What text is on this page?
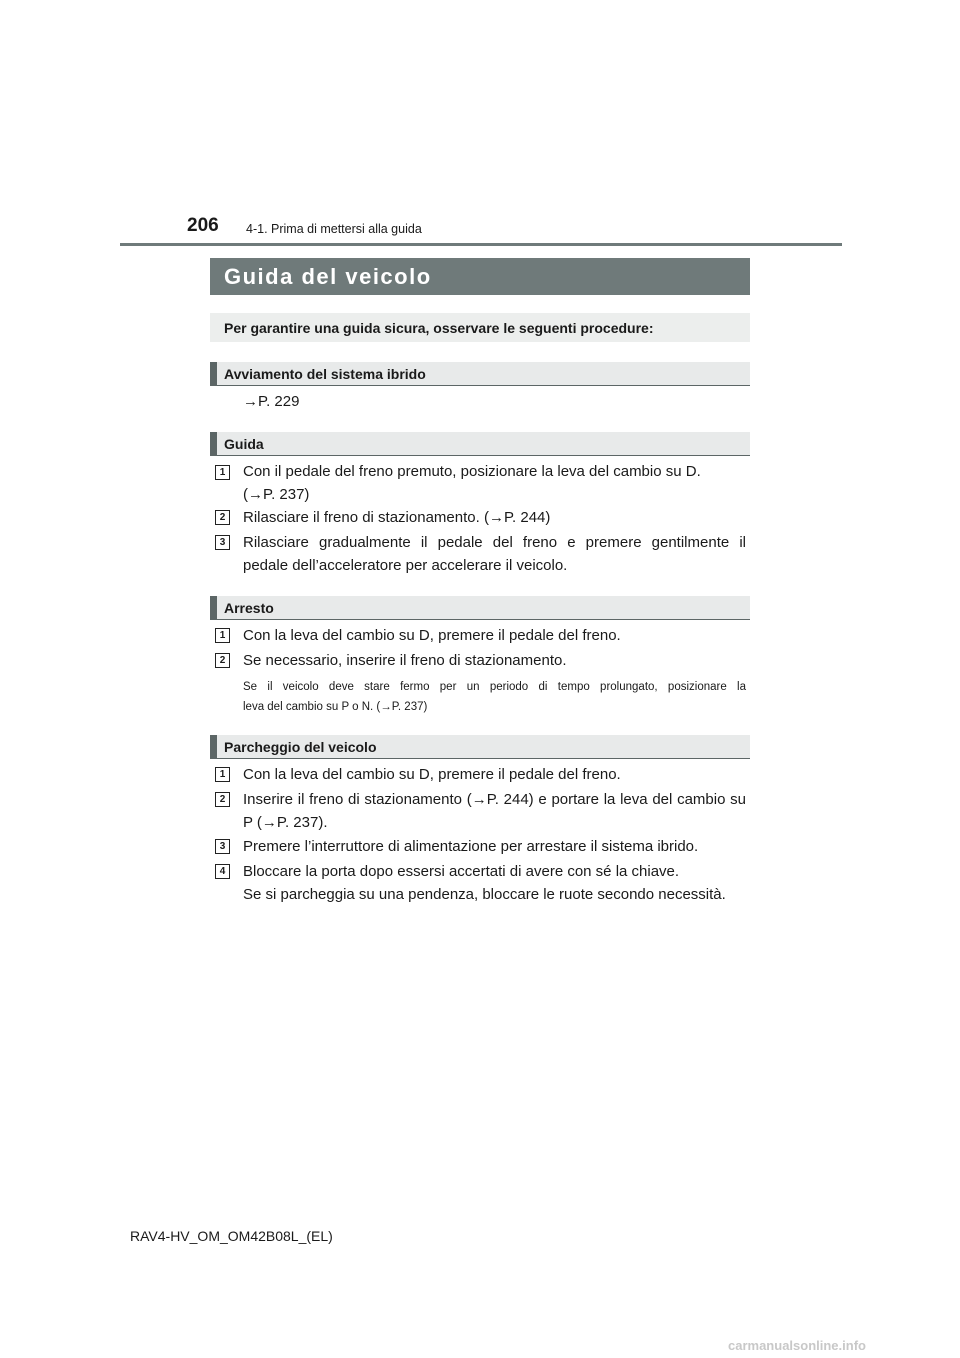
206 4-1. Prima di mettersi alla guida
Guida del veicolo
Per garantire una guida sicura, osservare le seguenti procedure:
Avviamento del sistema ibrido
→P. 229
Guida
1	Con il pedale del freno premuto, posizionare la leva del cambio su D.
(→P. 237)
2	Rilasciare il freno di stazionamento. (→P. 244)
3	Rilasciare gradualmente il pedale del freno e premere gentilmente il
pedale dell’acceleratore per accelerare il veicolo.
Arresto
1	Con la leva del cambio su D, premere il pedale del freno.
2	Se necessario, inserire il freno di stazionamento.
Se il veicolo deve stare fermo per un periodo di tempo prolungato, posizionare la
leva del cambio su P o N. (→P. 237)
Parcheggio del veicolo
1	Con la leva del cambio su D, premere il pedale del freno.
2	Inserire il freno di stazionamento (→P. 244) e portare la leva del cambio su
P (→P. 237).
3	Premere l’interruttore di alimentazione per arrestare il sistema ibrido.
4	Bloccare la porta dopo essersi accertati di avere con sé la chiave.
Se si parcheggia su una pendenza, bloccare le ruote secondo necessità.
RAV4-HV_OM_OM42B08L_(EL)
carmanualsonline.info
